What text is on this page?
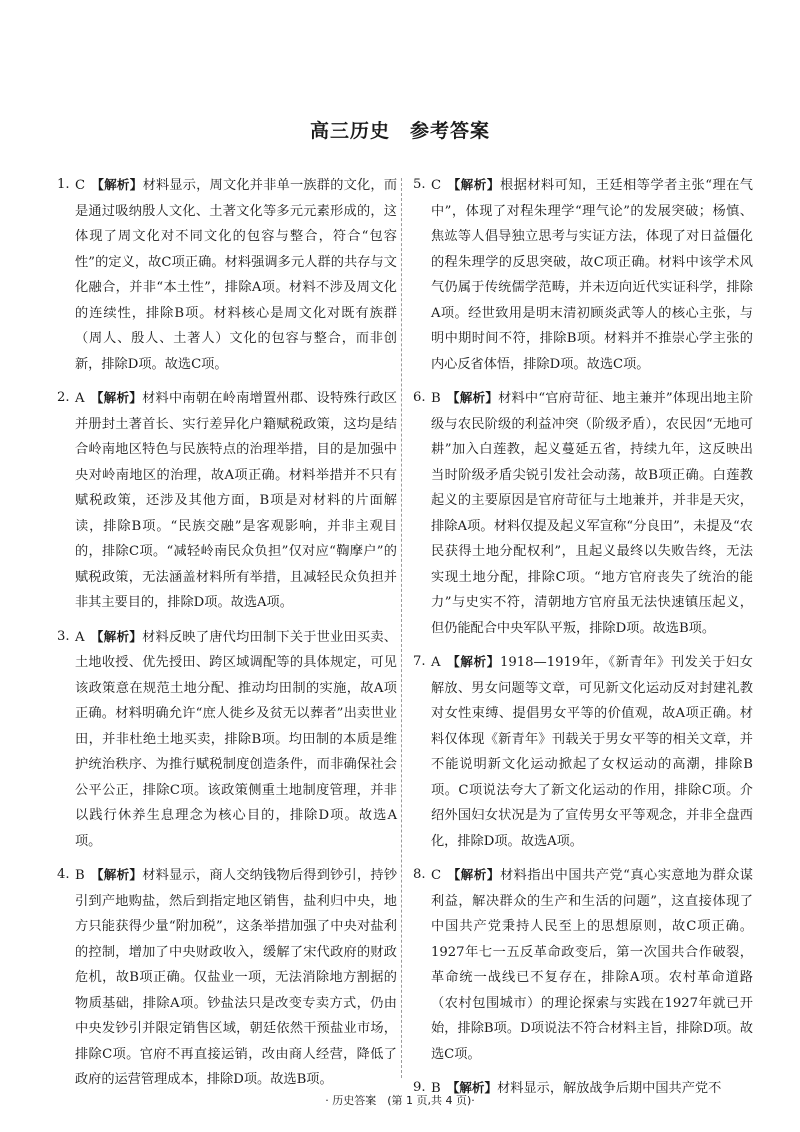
高三历史　参考答案
1. C 【解析】材料显示，周文化并非单一族群的文化，而是通过吸纳殷人文化、土著文化等多元元素形成的，这体现了周文化对不同文化的包容与整合，符合“包容性”的定义，故C项正确。材料强调多元人群的共存与文化融合，并非“本土性”，排除A项。材料不涉及周文化的连续性，排除B项。材料核心是周文化对既有族群（周人、殷人、土著人）文化的包容与整合，而非创新，排除D项。故选C项。
2. A 【解析】材料中南朝在岭南增置州郡、设特殊行政区并册封土著首长、实行差异化户籍赋税政策，这均是结合岭南地区特色与民族特点的治理举措，目的是加强中央对岭南地区的治理，故A项正确。材料举措并不只有赋税政策，还涉及其他方面，B项是对材料的片面解读，排除B项。“民族交融”是客观影响，并非主观目的，排除C项。“减轻岭南民众负担”仅对应“鞫摩户”的赋税政策，无法涵盖材料所有举措，且减轻民众负担并非其主要目的，排除D项。故选A项。
3. A 【解析】材料反映了唐代均田制下关于世业田买卖、土地收授、优先授田、跨区域调配等的具体规定，可见该政策意在规范土地分配、推动均田制的实施，故A项正确。材料明确允许“庶人徙乡及贫无以葬者”出卖世业田，并非杜绝土地买卖，排除B项。均田制的本质是维护统治秩序、为推行赋税制度创造条件，而非确保社会公平公正，排除C项。该政策侧重土地制度管理，并非以践行休养生息理念为核心目的，排除D项。故选A项。
4. B 【解析】材料显示，商人交纳钱物后得到钞引，持钞引到产地购盐，然后到指定地区销售，盐利归中央，地方只能获得少量“附加税”，这条举措加强了中央对盐利的控制，增加了中央财政收入，缓解了宋代政府的财政危机，故B项正确。仅盐业一项，无法消除地方割据的物质基础，排除A项。钞盐法只是改变专卖方式，仍由中央发钞引并限定销售区域，朝廷依然干预盐业市场，排除C项。官府不再直接运销，改由商人经营，降低了政府的运营管理成本，排除D项。故选B项。
5. C 【解析】根据材料可知，王廷相等学者主张“理在气中”，体现了对程朱理学“理气论”的发展突破；杨慎、焦竑等人倡导独立思考与实证方法，体现了对日益僵化的程朱理学的反思突破，故C项正确。材料中该学术风气仍属于传统儒学范畴，并未迈向近代实证科学，排除A项。经世致用是明末清初顾炎武等人的核心主张，与明中期时间不符，排除B项。材料并不推崇心学主张的内心反省体悟，排除D项。故选C项。
6. B 【解析】材料中“官府苛征、地主兼并”体现出地主阶级与农民阶级的利益冲突（阶级矛盾），农民因“无地可耕”加入白莲教，起义蔓延五省，持续九年，这反映出当时阶级矛盾尖锐引发社会动荡，故B项正确。白莲教起义的主要原因是官府苛征与土地兼并，并非是天灾，排除A项。材料仅提及起义军宣称“分良田”，未提及“农民获得土地分配权利”，且起义最终以失败告终，无法实现土地分配，排除C项。“地方官府丧失了统治的能力”与史实不符，清朝地方官府虽无法快速镇压起义，但仍能配合中央军队平叛，排除D项。故选B项。
7. A 【解析】1918—1919年，《新青年》刊发关于妇女解放、男女问题等文章，可见新文化运动反对封建礼教对女性束缚、提倡男女平等的价值观，故A项正确。材料仅体现《新青年》刊载关于男女平等的相关文章，并不能说明新文化运动掀起了女权运动的高潮，排除B项。C项说法夸大了新文化运动的作用，排除C项。介绍外国妇女状况是为了宣传男女平等观念，并非全盘西化，排除D项。故选A项。
8. C 【解析】材料指出中国共产党“真心实意地为群众谋利益，解决群众的生产和生活的问题”，这直接体现了中国共产党秉持人民至上的思想原则，故C项正确。1927年七一五反革命政变后，第一次国共合作破裂，革命统一战线已不复存在，排除A项。农村革命道路（农村包围城市）的理论探索与实践在1927年就已开始，排除B项。D项说法不符合材料主旨，排除D项。故选C项。
9. B 【解析】材料显示，解放战争后期中国共产党不
· 历史答案　(第 1 页,共 4 页)·
